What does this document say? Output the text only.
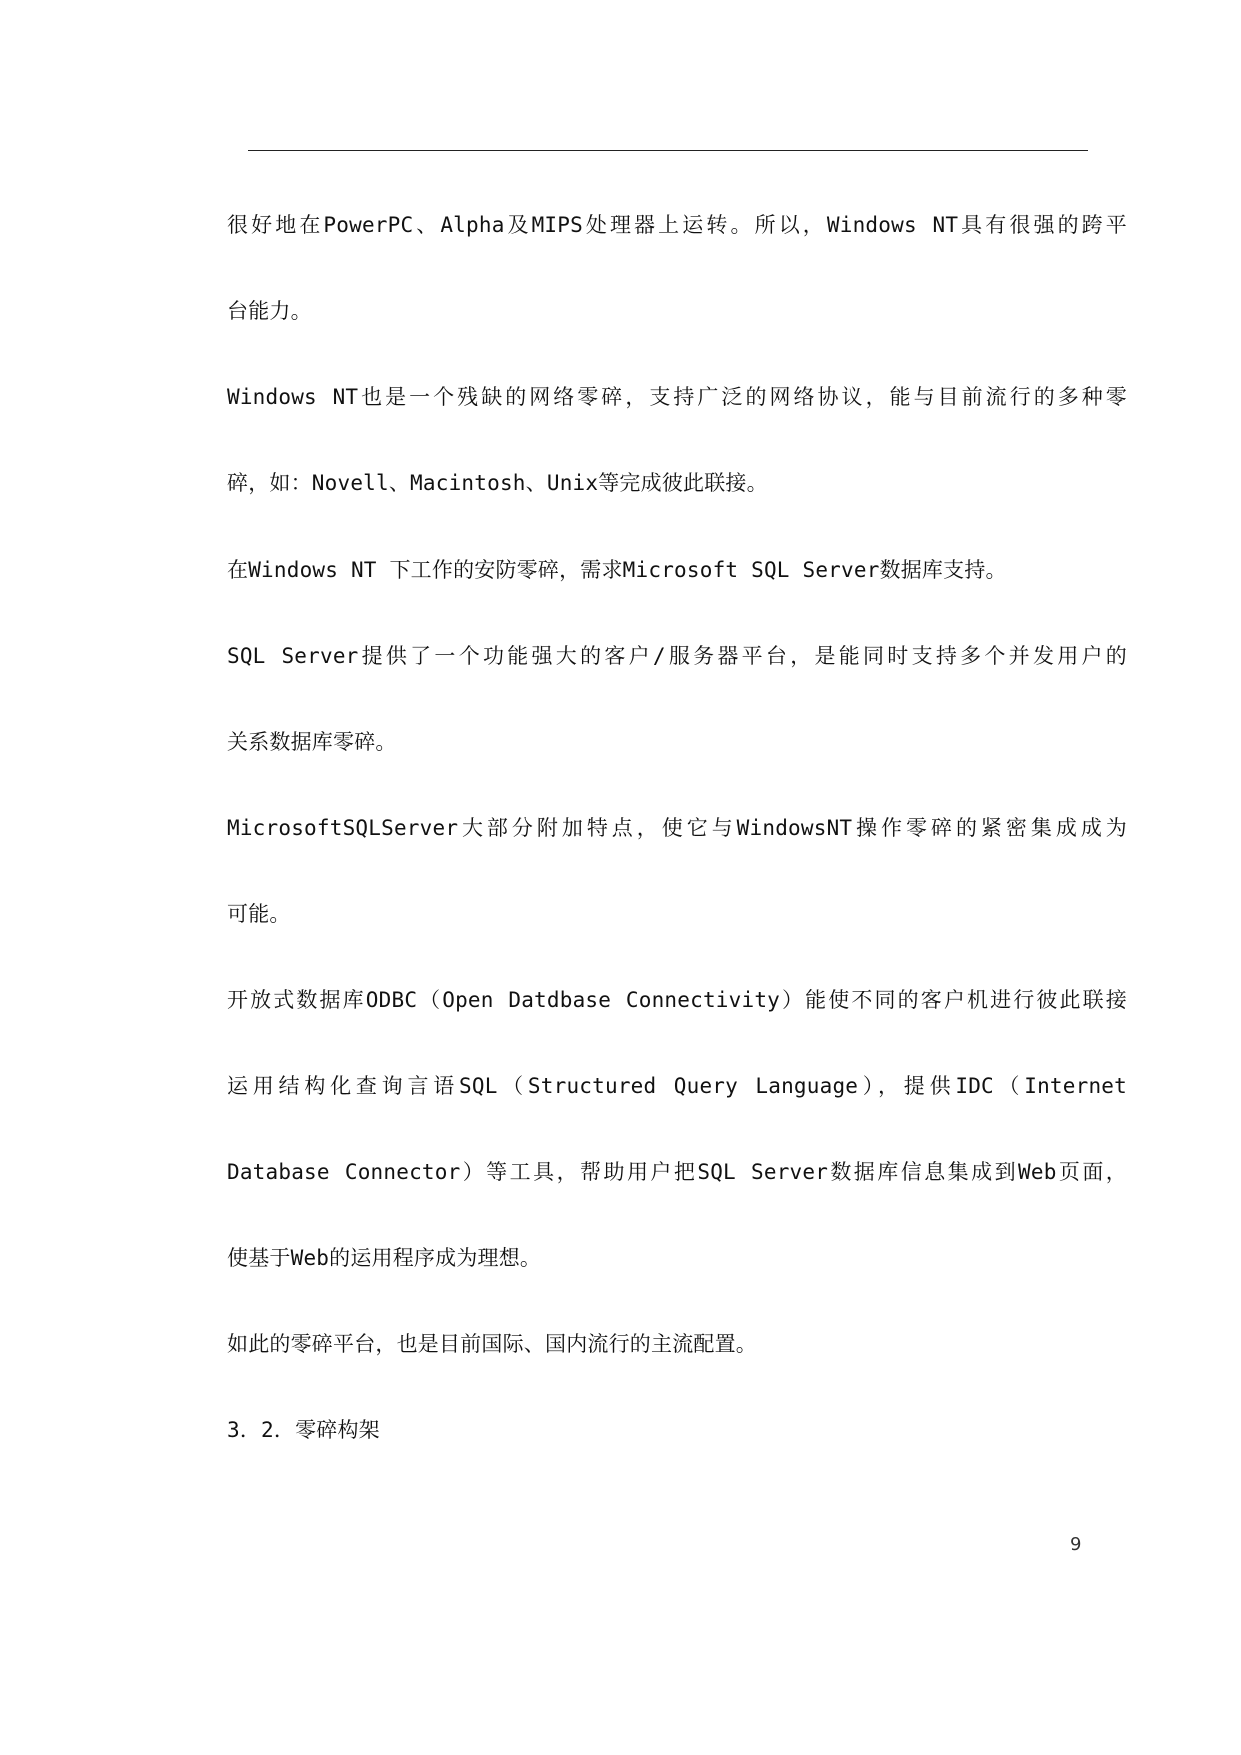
很好地在PowerPC、Alpha及MIPS处理器上运转。所以，Windows NT具有很强的跨平
台能力。
Windows NT也是一个残缺的网络零碎，支持广泛的网络协议，能与目前流行的多种零
碎，如：Novell、Macintosh、Unix等完成彼此联接。
在Windows NT 下工作的安防零碎，需求Microsoft SQL Server数据库支持。
SQL Server提供了一个功能强大的客户/服务器平台，是能同时支持多个并发用户的
关系数据库零碎。
MicrosoftSQLServer大部分附加特点，使它与WindowsNT操作零碎的紧密集成成为
可能。
开放式数据库ODBC（Open Datdbase Connectivity）能使不同的客户机进行彼此联接
运用结构化查询言语SQL（Structured Query Language），提供IDC（Internet
Database Connector）等工具，帮助用户把SQL Server数据库信息集成到Web页面，
使基于Web的运用程序成为理想。
如此的零碎平台，也是目前国际、国内流行的主流配置。
3．2．零碎构架
9
